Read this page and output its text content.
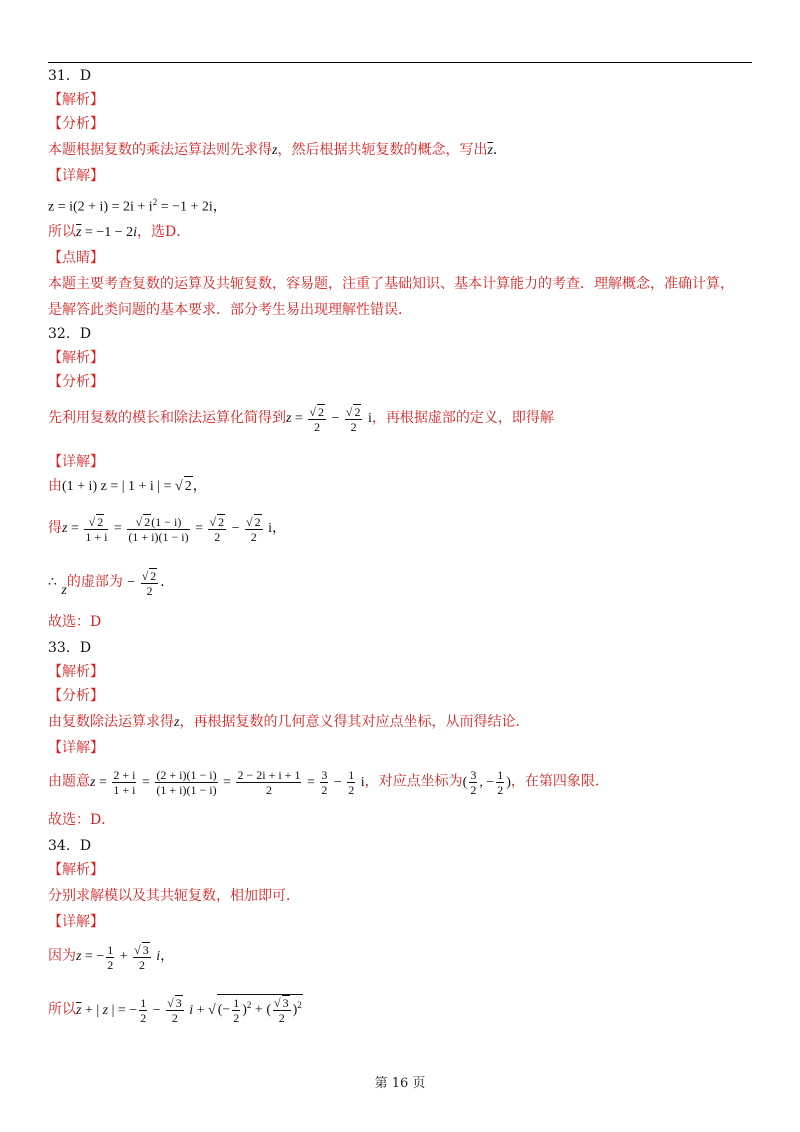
31．D
【解析】
【分析】
本题根据复数的乘法运算法则先求得z，然后根据共轭复数的概念，写出$\overline{z}$．
【详解】
$z = i(2 + i) = 2i + i^2 = -1 + 2i$，
所以$\overline{z} = -1 - 2i$，选D．
【点睛】
本题主要考查复数的运算及共轭复数，容易题，注重了基础知识、基本计算能力的考查．理解概念，准确计算，
是解答此类问题的基本要求．部分考生易出现理解性错误．
32．D
【解析】
【分析】
先利用复数的模长和除法运算化简得到$z = \frac{√ 2}{2} - \frac{√ 2}{2}$ i，再根据虚部的定义，即得解
【详解】
由(1 + i) z = | 1 + i | = √ 2，
得$z = \frac{√ 2}{1 + i} = \frac{√ 2(1 - i)}{(1 + i)(1 - i)} = \frac{√ 2}{2} - \frac{√ 2}{2}$ i，
∴ z的虚部为 − $\frac{√ 2}{2}$ ．
故选：D
33．D
【解析】
【分析】
由复数除法运算求得z，再根据复数的几何意义得其对应点坐标，从而得结论．
【详解】
由题意$z = \frac{2 + i}{1 + i} = \frac{(2 + i)(1 - i)}{(1 + i)(1 - i)} = \frac{2 - 2i + i + 1}{2} = \frac{3}{2} - \frac{1}{2}$ i，对应点坐标为( $\frac{3}{2}$ , − $\frac{1}{2}$ )，在第四象限．
故选：D．
34．D
【解析】
分别求解模以及其共轭复数，相加即可．
【详解】
因为z = − $\frac{1}{2} + \frac{√ 3}{2}$ i，
所以$\overline{z}$ + | z | = − $\frac{1}{2} - \frac{√ 3}{2}$ i + √ (− $\frac{1}{2} )^2$ + ( $\frac{√ 3}{2} )^2$
第 16 页
